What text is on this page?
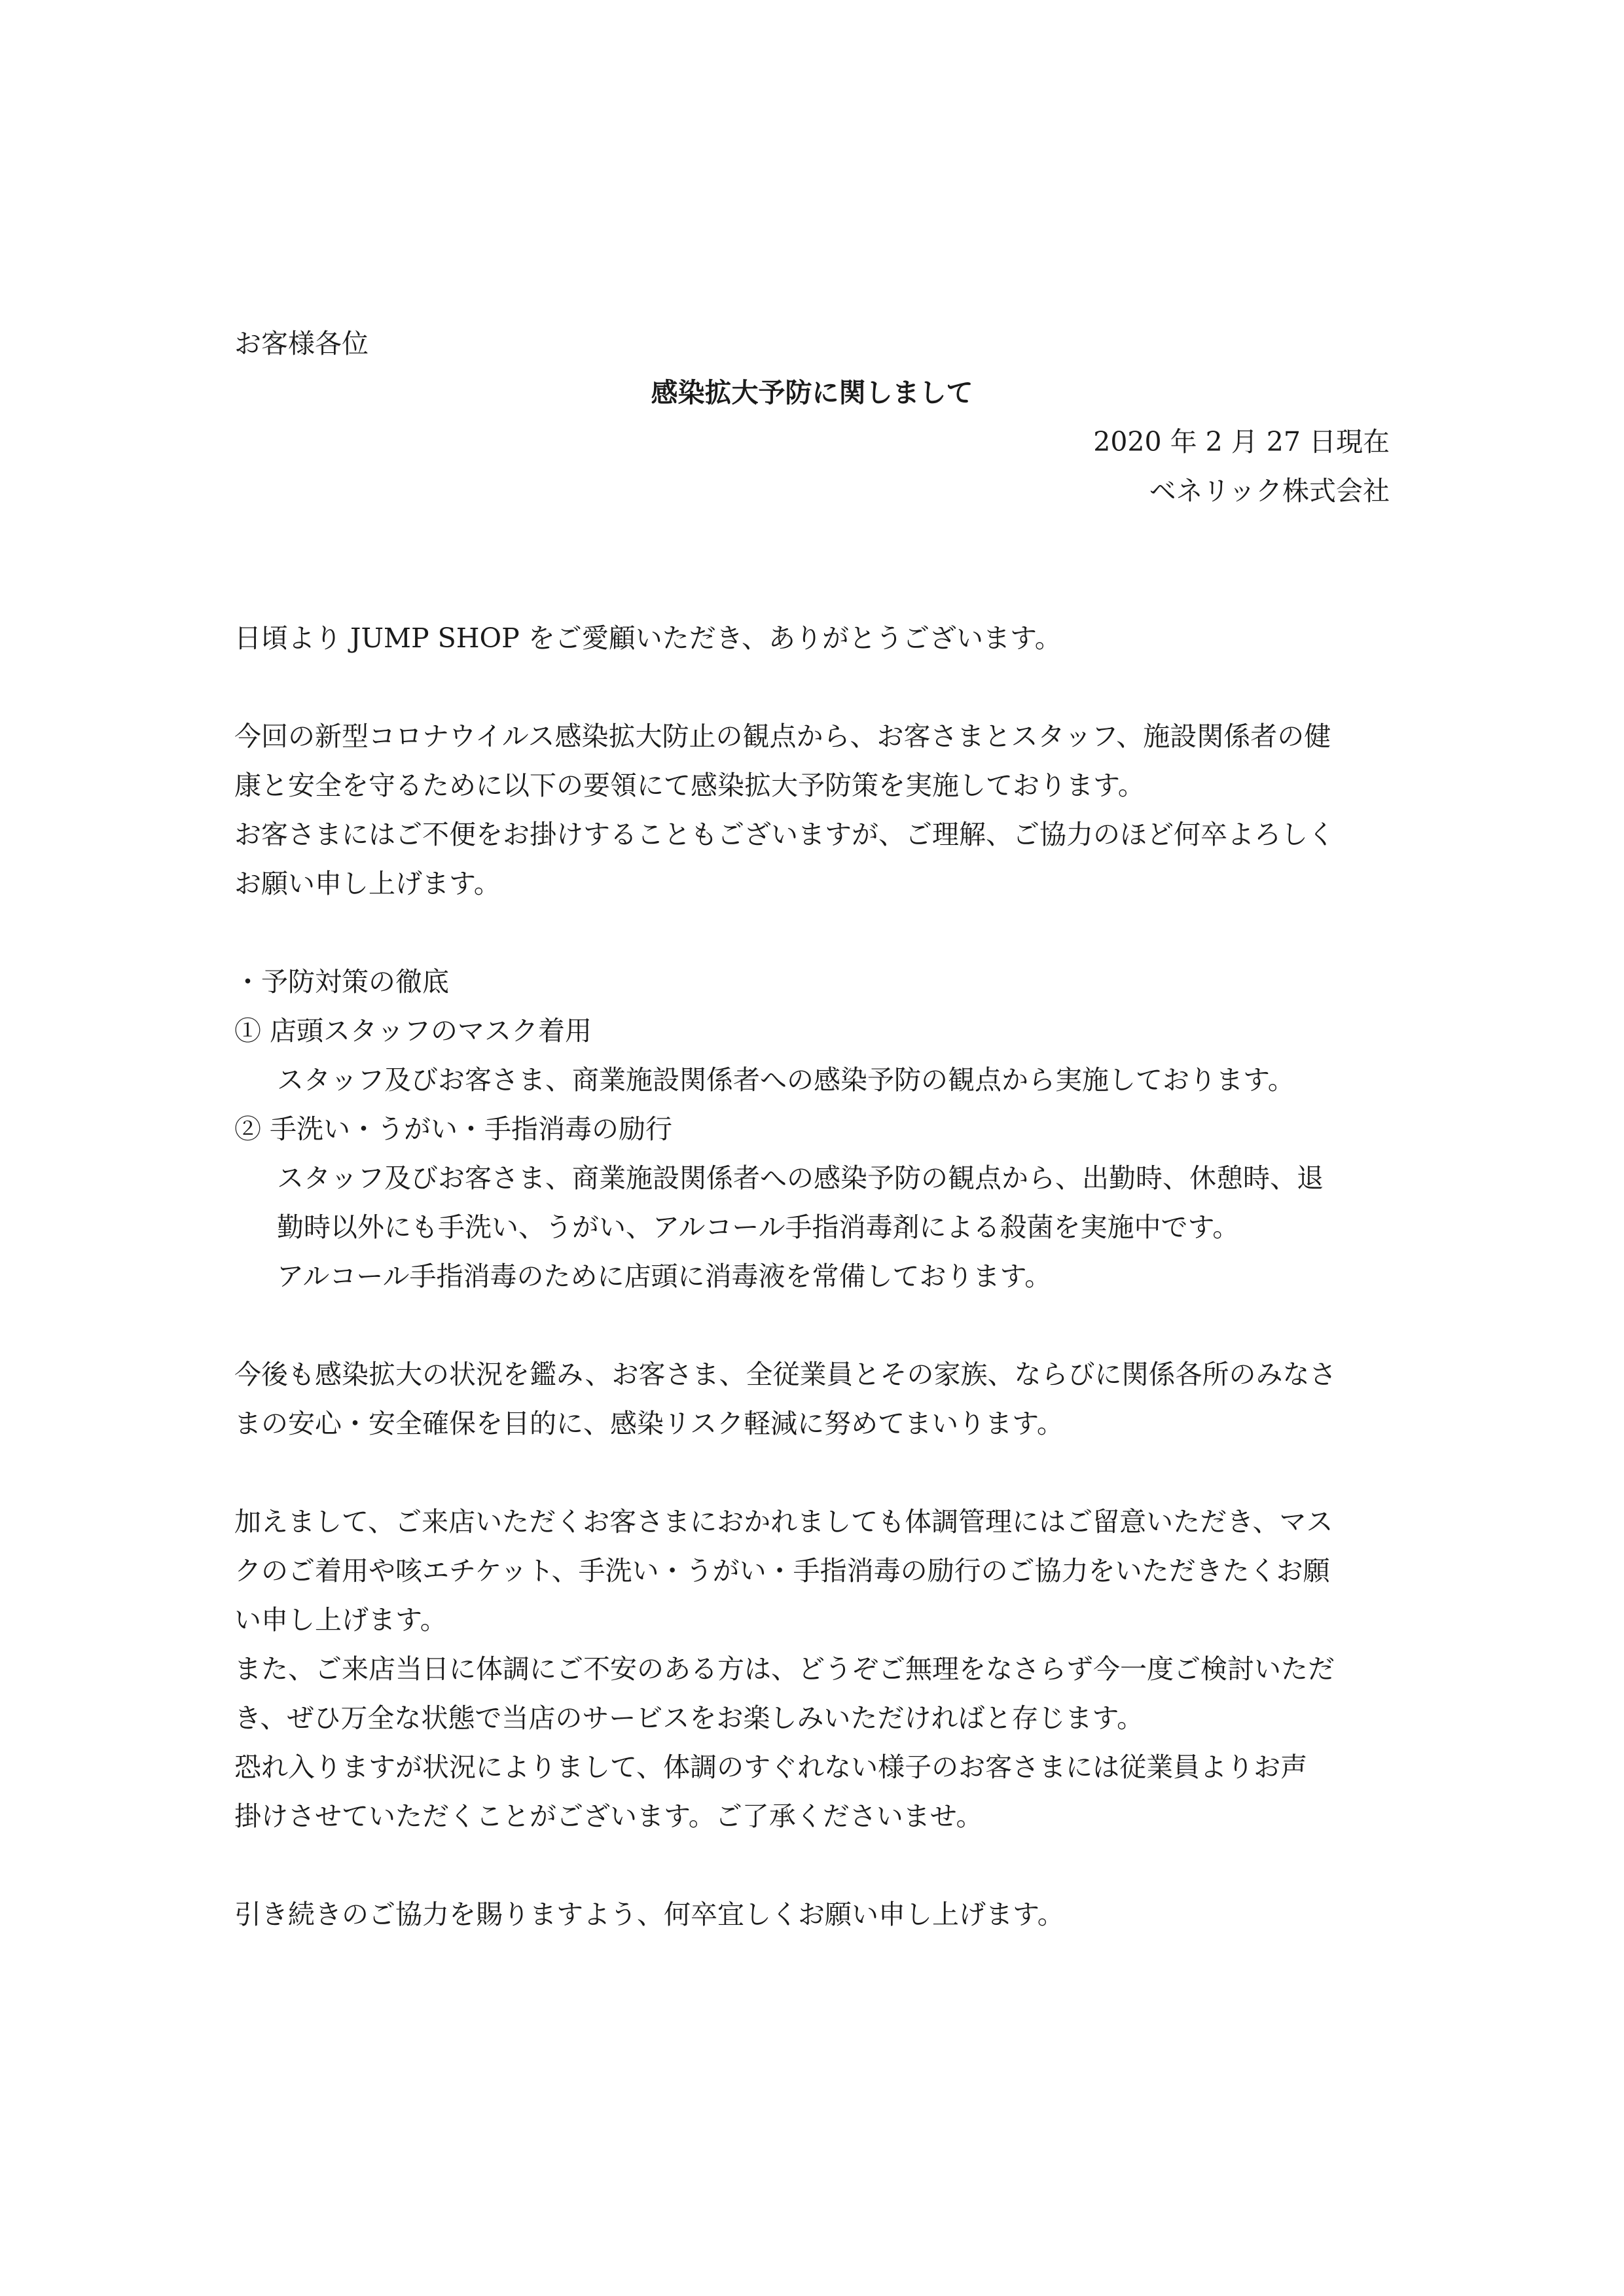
お客様各位
感染拡大予防に関しまして
2020 年 2 月 27 日現在
ベネリック株式会社
日頃より JUMP SHOP をご愛顧いただき、ありがとうございます。
今回の新型コロナウイルス感染拡大防止の観点から、お客さまとスタッフ、施設関係者の健
康と安全を守るために以下の要領にて感染拡大予防策を実施しております。
お客さまにはご不便をお掛けすることもございますが、ご理解、ご協力のほど何卒よろしく
お願い申し上げます。
・予防対策の徹底
① 店頭スタッフのマスク着用
スタッフ及びお客さま、商業施設関係者への感染予防の観点から実施しております。
② 手洗い・うがい・手指消毒の励行
スタッフ及びお客さま、商業施設関係者への感染予防の観点から、出勤時、休憩時、退
勤時以外にも手洗い、うがい、アルコール手指消毒剤による殺菌を実施中です。
アルコール手指消毒のために店頭に消毒液を常備しております。
今後も感染拡大の状況を鑑み、お客さま、全従業員とその家族、ならびに関係各所のみなさ
まの安心・安全確保を目的に、感染リスク軽減に努めてまいります。
加えまして、ご来店いただくお客さまにおかれましても体調管理にはご留意いただき、マス
クのご着用や咳エチケット、手洗い・うがい・手指消毒の励行のご協力をいただきたくお願
い申し上げます。
また、ご来店当日に体調にご不安のある方は、どうぞご無理をなさらず今一度ご検討いただ
き、ぜひ万全な状態で当店のサービスをお楽しみいただければと存じます。
恐れ入りますが状況によりまして、体調のすぐれない様子のお客さまには従業員よりお声
掛けさせていただくことがございます。ご了承くださいませ。
引き続きのご協力を賜りますよう、何卒宜しくお願い申し上げます。
